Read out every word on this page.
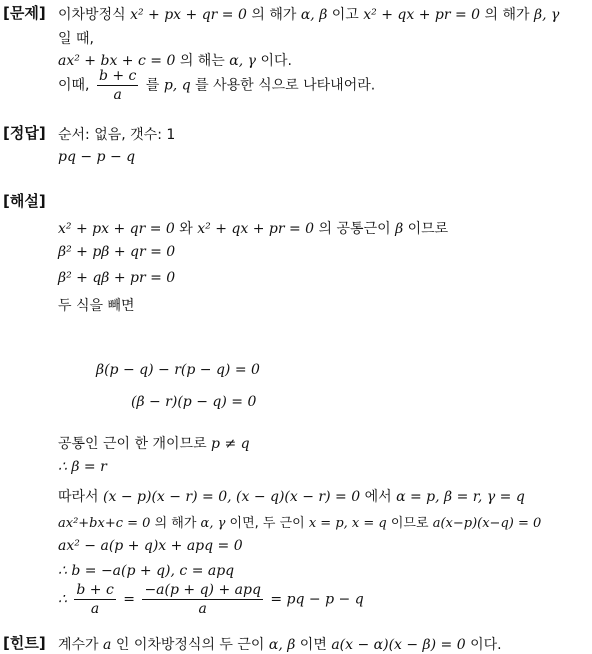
[문제] 이차방정식 x² + px + qr = 0 의 해가 α, β 이고 x² + qx + pr = 0 의 해가 β, γ
일 때,
ax² + bx + c = 0 의 해는 α, γ 이다.
이때, $\frac{b + c}{a}$ 를 p, q 를 사용한 식으로 나타내어라.
[정답] 순서: 없음, 갯수: 1
pq − p − q
[해설]
x² + px + qr = 0 와 x² + qx + pr = 0 의 공통근이 β 이므로
β² + pβ + qr = 0
β² + qβ + pr = 0
두 식을 빼면
β(p − q) − r(p − q) = 0
(β − r)(p − q) = 0
공통인 근이 한 개이므로 p ≠ q
∴ β = r
따라서 (x − p)(x − r) = 0, (x − q)(x − r) = 0 에서 α = p, β = r, γ = q
ax²+bx+c = 0 의 해가 α, γ 이면, 두 근이 x = p, x = q 이므로 a(x−p)(x−q) = 0
ax² − a(p + q)x + apq = 0
∴ b = −a(p + q), c = apq
∴ $\frac{b + c}{a} = \frac{\text{−a(p + q) + apq}}{a}$ = pq − p − q
[힌트] 계수가 a 인 이차방정식의 두 근이 α, β 이면 a(x − α)(x − β) = 0 이다.
